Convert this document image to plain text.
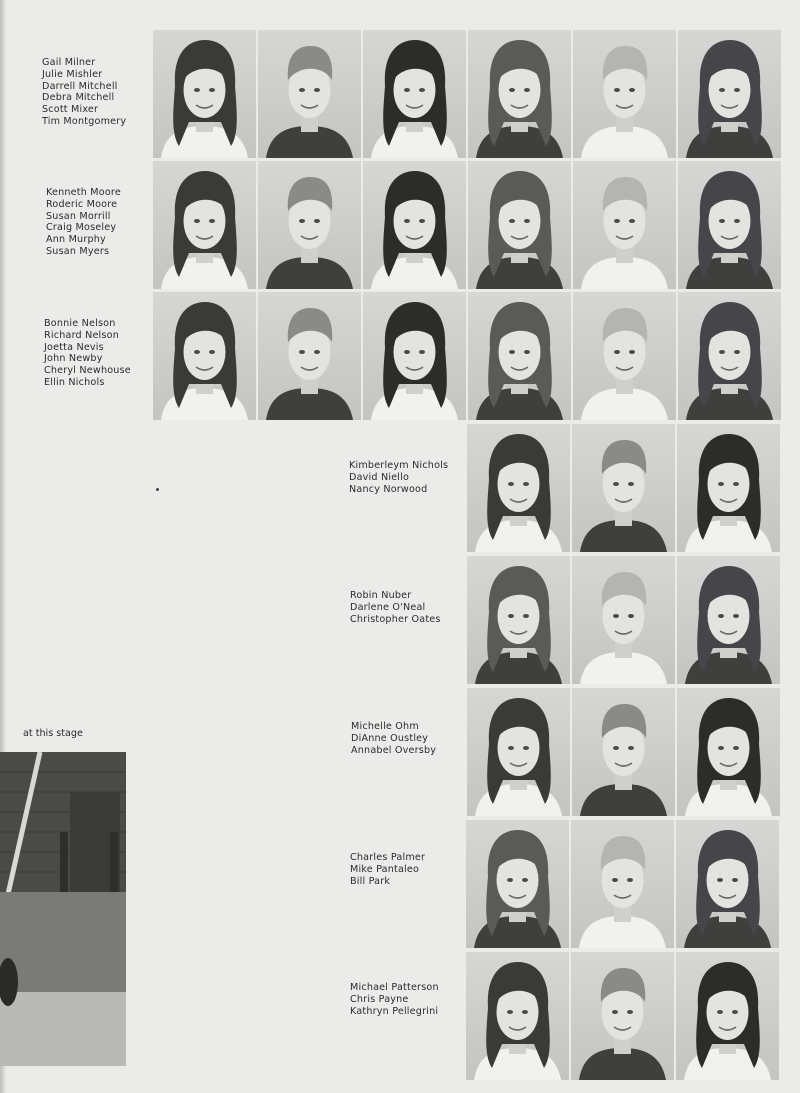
Gail Milner
Julie Mishler
Darrell Mitchell
Debra Mitchell
Scott Mixer
Tim Montgomery
Kenneth Moore
Roderic Moore
Susan Morrill
Craig Moseley
Ann Murphy
Susan Myers
Bonnie Nelson
Richard Nelson
Joetta Nevis
John Newby
Cheryl Newhouse
Ellin Nichols
Kimberleym Nichols
David Niello
Nancy Norwood
Robin Nuber
Darlene O'Neal
Christopher Oates
Michelle Ohm
DiAnne Oustley
Annabel Oversby
Charles Palmer
Mike Pantaleo
Bill Park
Michael Patterson
Chris Payne
Kathryn Pellegrini
at this stage
